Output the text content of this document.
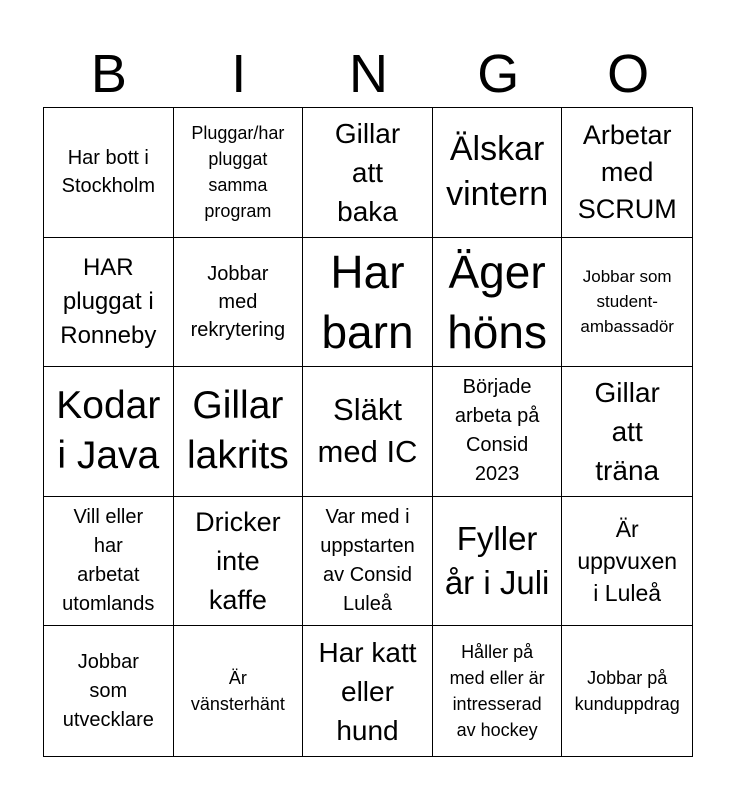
B	I	N	G	O
Har bott i
Stockholm
Pluggar/har
pluggat
samma
program
Gillar
att
baka
Älskar
vintern
Arbetar
med
SCRUM
HAR
pluggat i
Ronneby
Jobbar
med
rekrytering
Har
barn
Äger
höns
Jobbar som
student-
ambassadör
Kodar
i Java
Gillar
lakrits
Släkt
med IC
Började
arbeta på
Consid
2023
Gillar
att
träna
Vill eller
har
arbetat
utomlands
Dricker
inte
kaffe
Var med i
uppstarten
av Consid
Luleå
Fyller
år i Juli
Är
uppvuxen
i Luleå
Jobbar
som
utvecklare
Är
vänsterhänt
Har katt
eller
hund
Håller på
med eller är
intresserad
av hockey
Jobbar på
kunduppdrag
